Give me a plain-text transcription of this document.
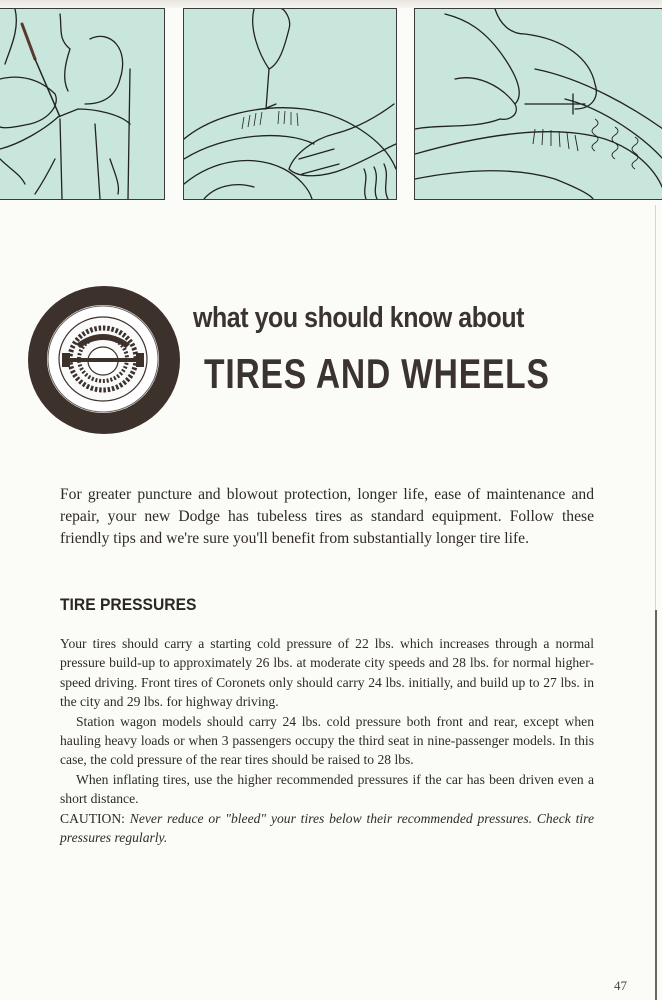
what you should know about
TIRES AND WHEELS
For greater puncture and blowout protection, longer life, ease of maintenance and repair, your new Dodge has tubeless tires as standard equipment. Follow these friendly tips and we're sure you'll benefit from substantially longer tire life.
TIRE PRESSURES

Your tires should carry a starting cold pressure of 22 lbs. which increases through a normal pressure build-up to approximately 26 lbs. at moderate city speeds and 28 lbs. for normal higher-speed driving. Front tires of Coronets only should carry 24 lbs. initially, and build up to 27 lbs. in the city and 29 lbs. for highway driving.

Station wagon models should carry 24 lbs. cold pressure both front and rear, except when hauling heavy loads or when 3 passengers occupy the third seat in nine-passenger models. In this case, the cold pressure of the rear tires should be raised to 28 lbs.

When inflating tires, use the higher recommended pressures if the car has been driven even a short distance.

CAUTION: Never reduce or "bleed" your tires below their recommended pressures. Check tire pressures regularly.

47
